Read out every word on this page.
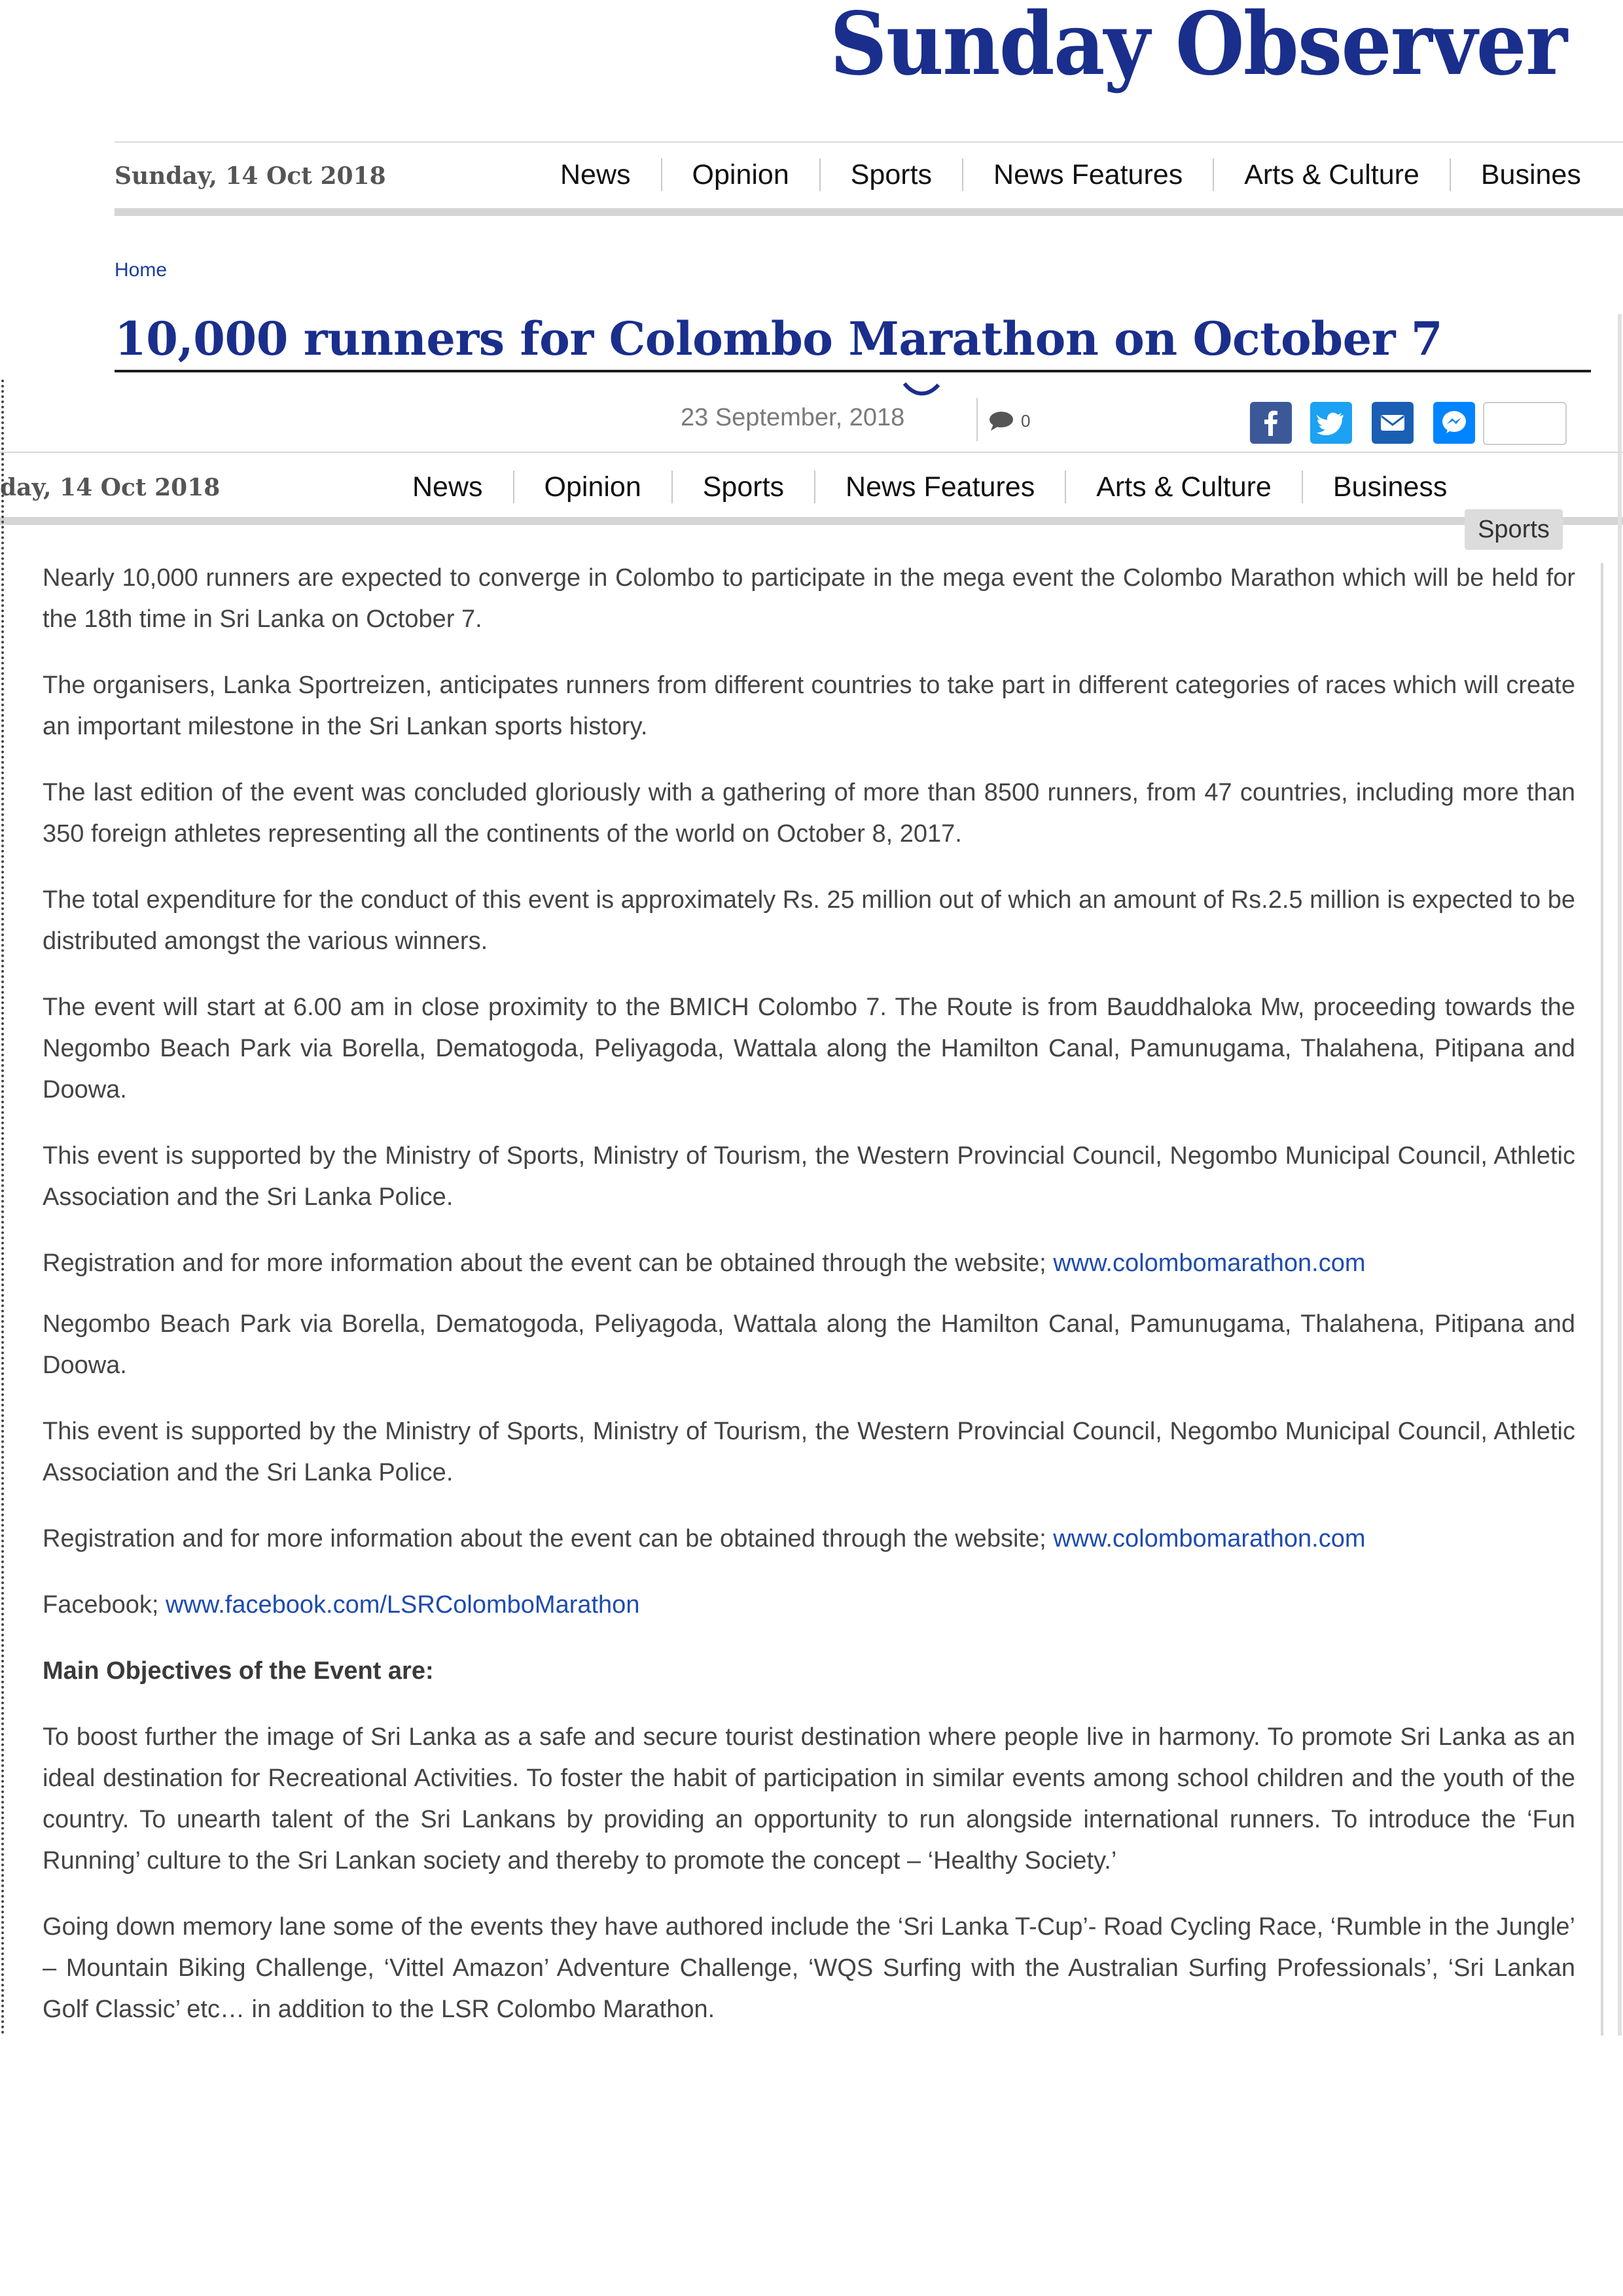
Sunday Observer
Sunday, 14 Oct 2018	News	Opinion	Sports	News Features	Arts & Culture	Busines
Home
10,000 runners for Colombo Marathon on October 7
23 September, 2018	0
day, 14 Oct 2018	News	Opinion	Sports	News Features	Arts & Culture	Business
Sports

Nearly 10,000 runners are expected to converge in Colombo to participate in the mega event the Colombo Marathon which will be held for the 18th time in Sri Lanka on October 7.

The organisers, Lanka Sportreizen, anticipates runners from different countries to take part in different categories of races which will create an important milestone in the Sri Lankan sports history.

The last edition of the event was concluded gloriously with a gathering of more than 8500 runners, from 47 countries, including more than 350 foreign athletes representing all the continents of the world on October 8, 2017.

The total expenditure for the conduct of this event is approximately Rs. 25 million out of which an amount of Rs.2.5 million is expected to be distributed amongst the various winners.

The event will start at 6.00 am in close proximity to the BMICH Colombo 7. The Route is from Bauddhaloka Mw, proceeding towards the Negombo Beach Park via Borella, Dematogoda, Peliyagoda, Wattala along the Hamilton Canal, Pamunugama, Thalahena, Pitipana and Doowa.

This event is supported by the Ministry of Sports, Ministry of Tourism, the Western Provincial Council, Negombo Municipal Council, Athletic Association and the Sri Lanka Police.

Registration and for more information about the event can be obtained through the website; www.colombomarathon.com

Negombo Beach Park via Borella, Dematogoda, Peliyagoda, Wattala along the Hamilton Canal, Pamunugama, Thalahena, Pitipana and Doowa.

This event is supported by the Ministry of Sports, Ministry of Tourism, the Western Provincial Council, Negombo Municipal Council, Athletic Association and the Sri Lanka Police.

Registration and for more information about the event can be obtained through the website; www.colombomarathon.com

Facebook; www.facebook.com/LSRColomboMarathon

Main Objectives of the Event are:

To boost further the image of Sri Lanka as a safe and secure tourist destination where people live in harmony. To promote Sri Lanka as an ideal destination for Recreational Activities. To foster the habit of participation in similar events among school children and the youth of the country. To unearth talent of the Sri Lankans by providing an opportunity to run alongside international runners. To introduce the ‘Fun Running’ culture to the Sri Lankan society and thereby to promote the concept – ‘Healthy Society.’

Going down memory lane some of the events they have authored include the ‘Sri Lanka T-Cup’- Road Cycling Race, ‘Rumble in the Jungle’ – Mountain Biking Challenge, ‘Vittel Amazon’ Adventure Challenge, ‘WQS Surfing with the Australian Surfing Professionals’, ‘Sri Lankan Golf Classic’ etc… in addition to the LSR Colombo Marathon.
